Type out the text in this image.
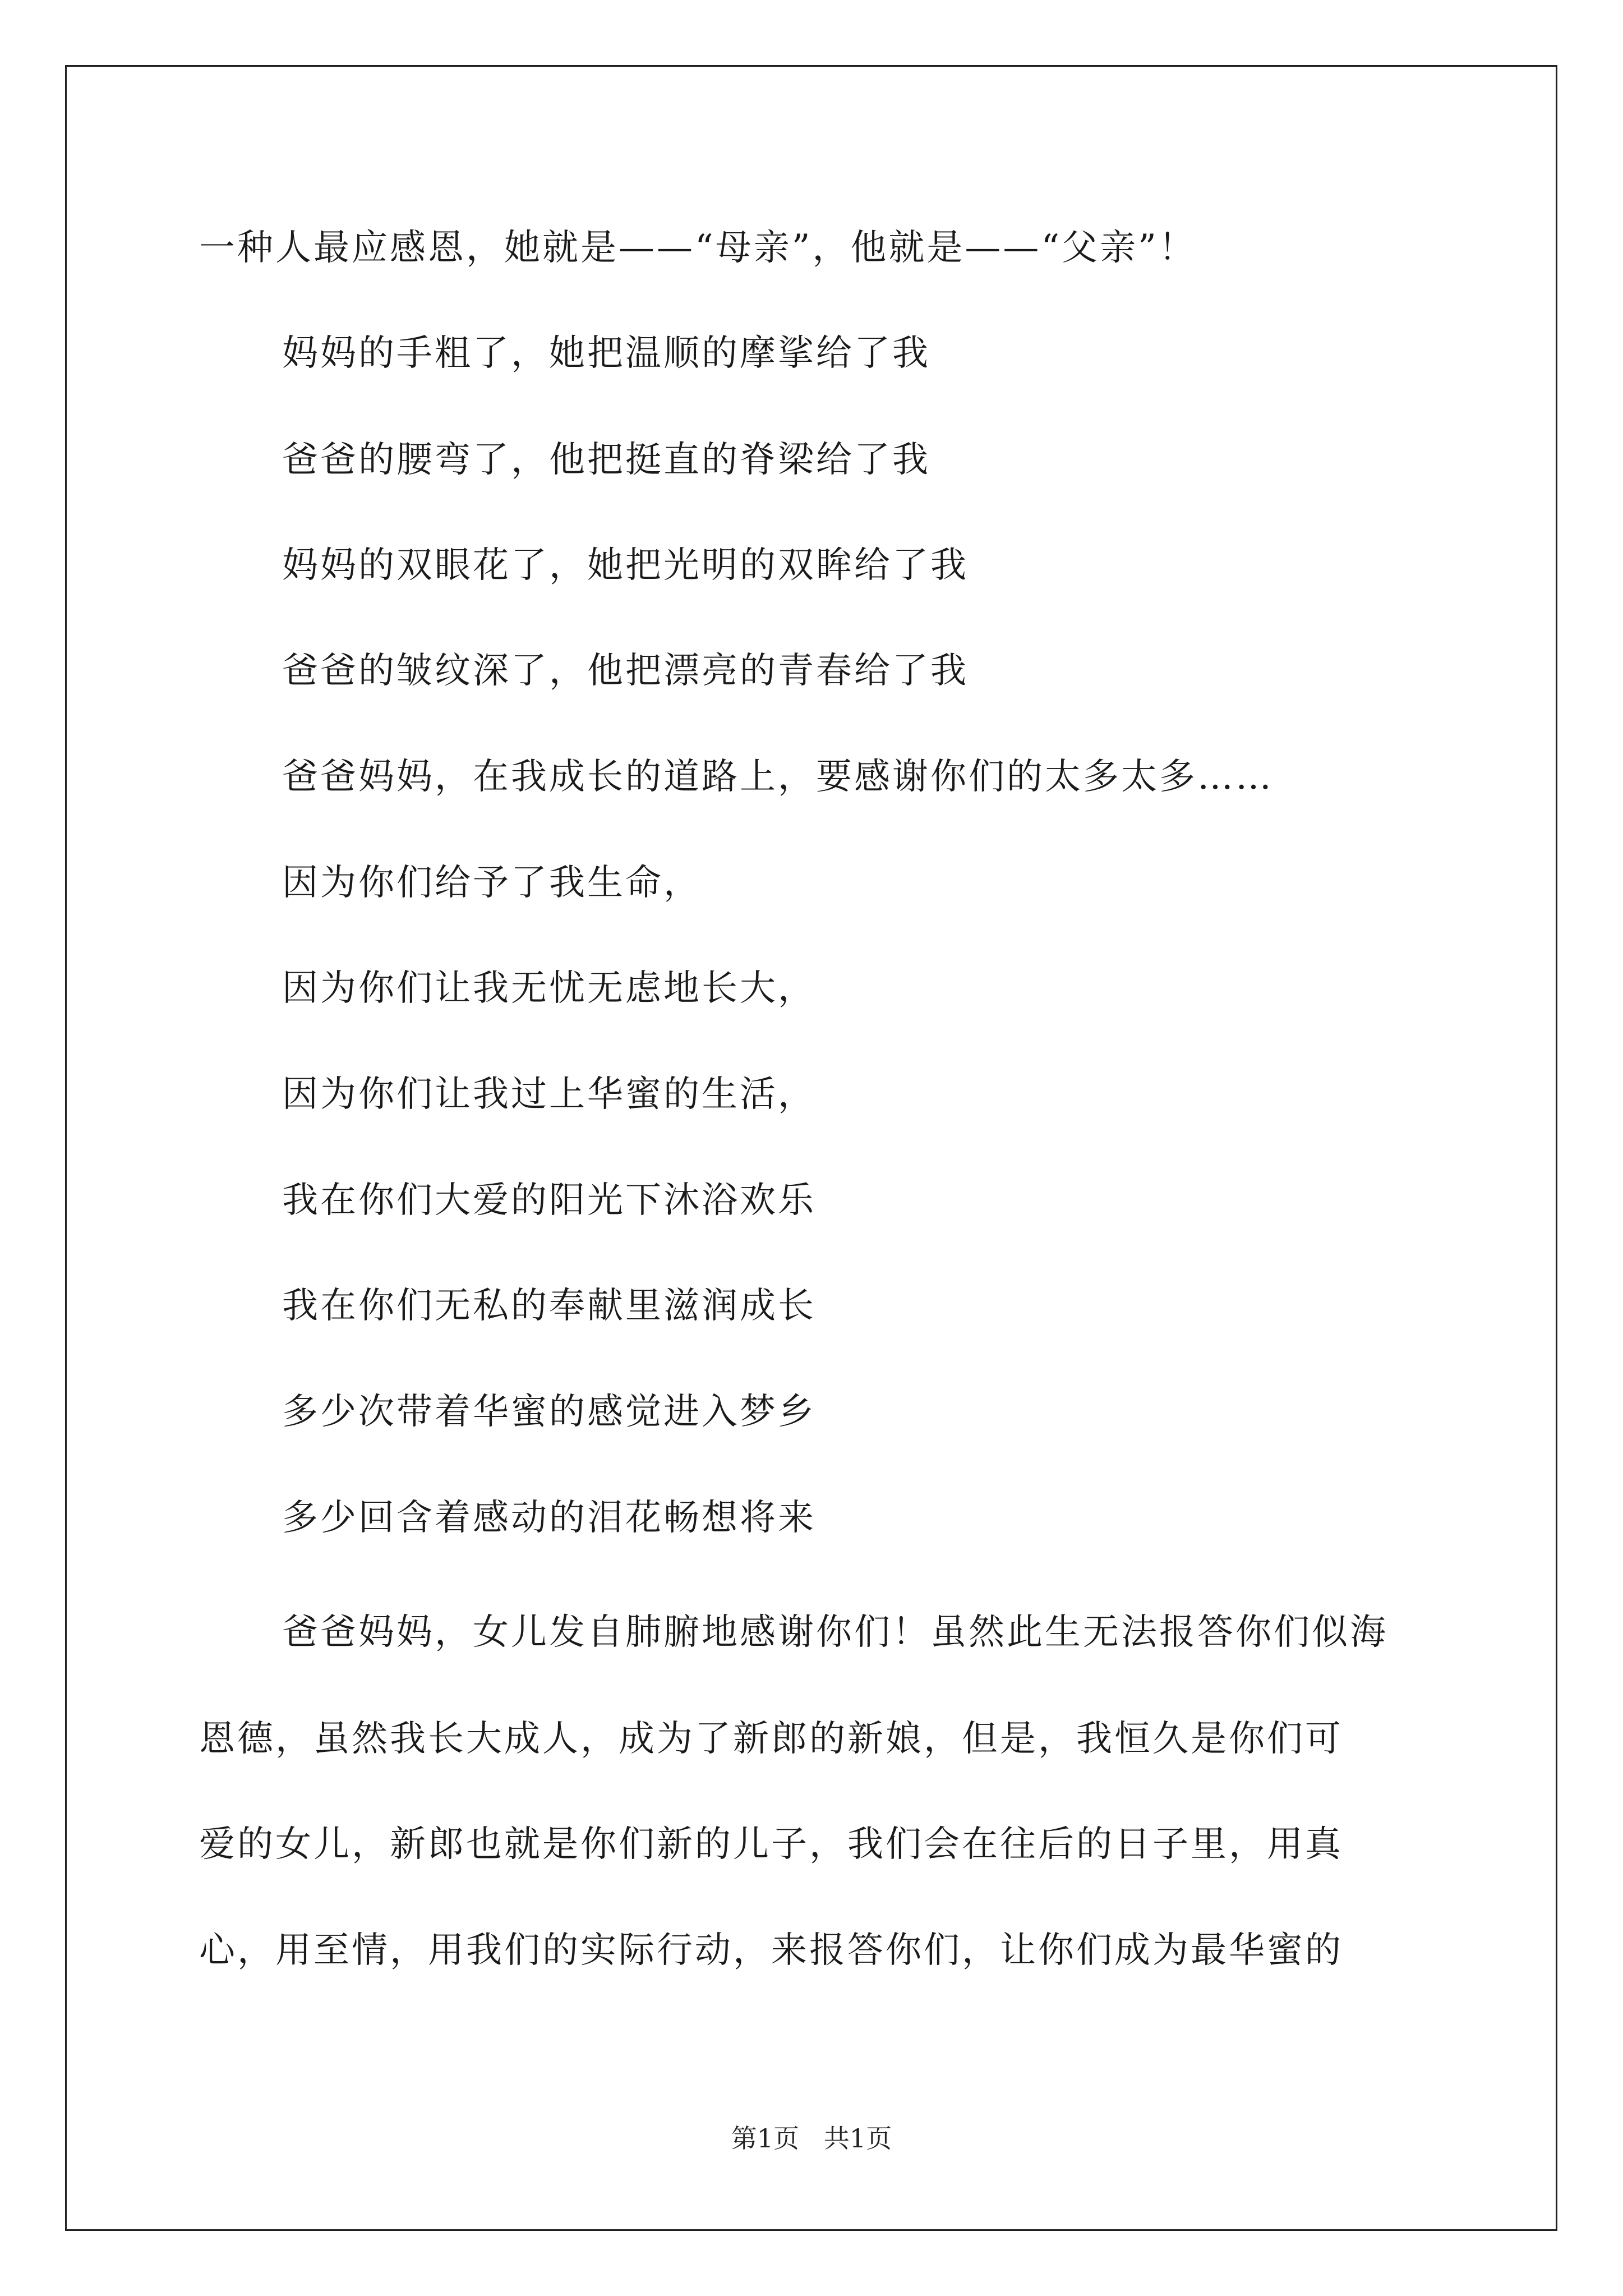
一种人最应感恩，她就是——“母亲”，他就是——“父亲”！
妈妈的手粗了，她把温顺的摩挲给了我
爸爸的腰弯了，他把挺直的脊梁给了我
妈妈的双眼花了，她把光明的双眸给了我
爸爸的皱纹深了，他把漂亮的青春给了我
爸爸妈妈，在我成长的道路上，要感谢你们的太多太多……
因为你们给予了我生命，
因为你们让我无忧无虑地长大，
因为你们让我过上华蜜的生活，
我在你们大爱的阳光下沐浴欢乐
我在你们无私的奉献里滋润成长
多少次带着华蜜的感觉进入梦乡
多少回含着感动的泪花畅想将来
爸爸妈妈，女儿发自肺腑地感谢你们！虽然此生无法报答你们似海
恩德，虽然我长大成人，成为了新郎的新娘，但是，我恒久是你们可
爱的女儿，新郎也就是你们新的儿子，我们会在往后的日子里，用真
心，用至情，用我们的实际行动，来报答你们，让你们成为最华蜜的
第1页   共1页
